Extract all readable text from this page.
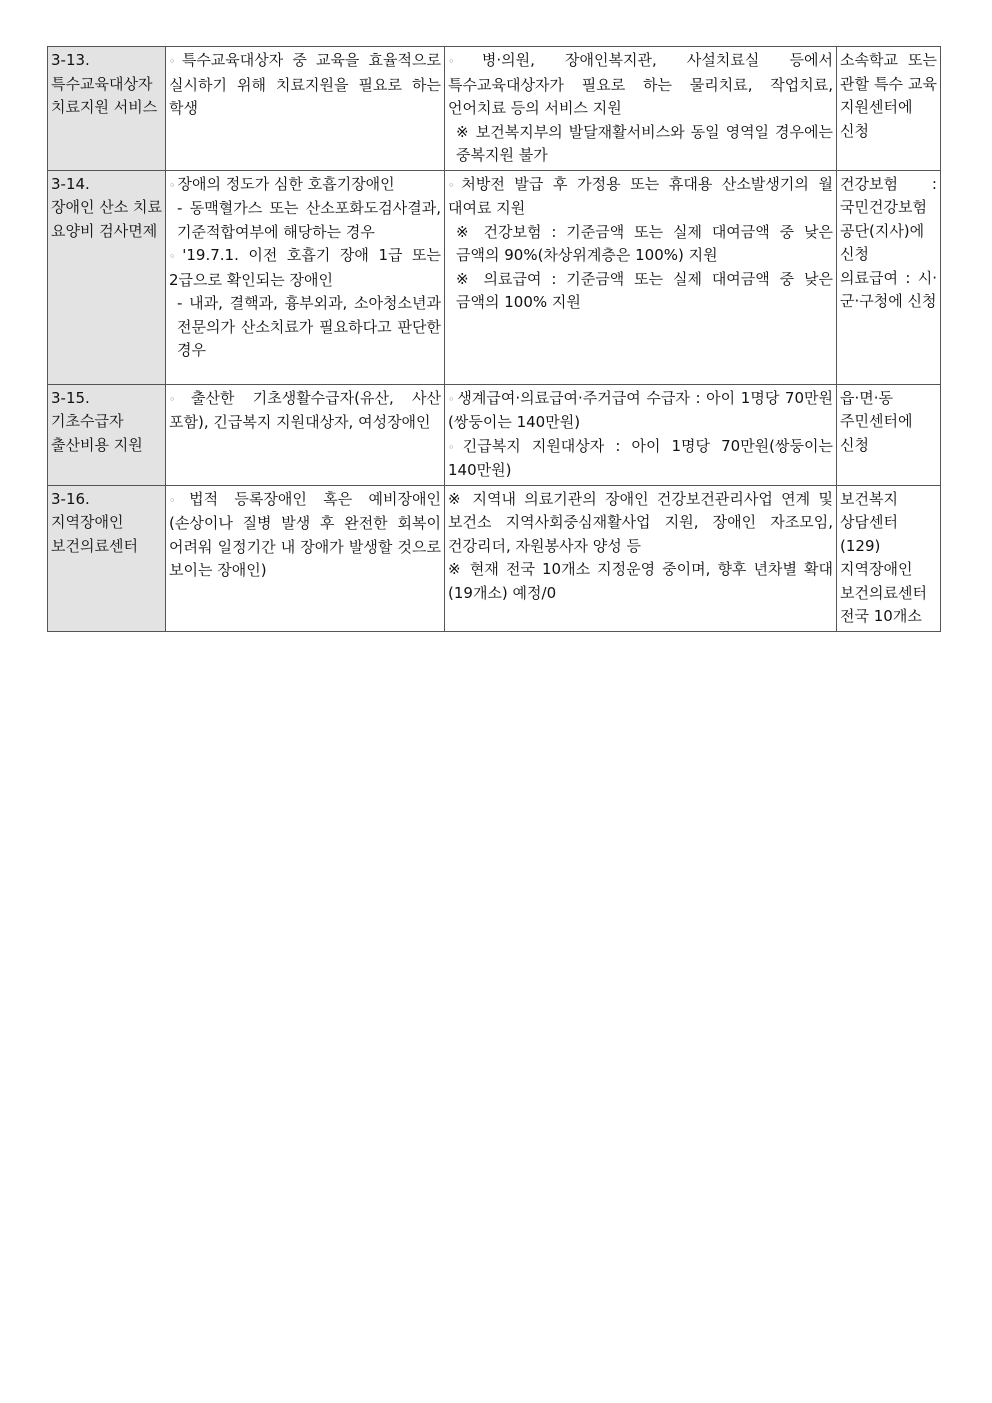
3-13.
특수교육대상자 치료지원 서비스	◦ 특수교육대상자 중 교육을 효율적으로 실시하기 위해 치료지원을 필요로 하는 학생	◦ 병·의원, 장애인복지관, 사설치료실 등에서 특수교육대상자가 필요로 하는 물리치료, 작업치료, 언어치료 등의 서비스 지원
※ 보건복지부의 발달재활서비스와 동일 영역일 경우에는 중복지원 불가	소속학교 또는 관할 특수 교육 지원센터에 신청

3-14.
장애인 산소 치료 요양비 검사면제	◦ 장애의 정도가 심한 호흡기장애인
- 동맥혈가스 또는 산소포화도검사결과, 기준적합여부에 해당하는 경우
◦ '19.7.1. 이전 호흡기 장애 1급 또는 2급으로 확인되는 장애인
- 내과, 결핵과, 흉부외과, 소아청소년과 전문의가 산소치료가 필요하다고 판단한 경우	◦ 처방전 발급 후 가정용 또는 휴대용 산소발생기의 월 대여료 지원
※ 건강보험 : 기준금액 또는 실제 대여금액 중 낮은 금액의 90%(차상위계층은 100%) 지원
※ 의료급여 : 기준금액 또는 실제 대여금액 중 낮은 금액의 100% 지원	건강보험 : 국민건강보험공단(지사)에 신청
의료급여 : 시·군·구청에 신청

3-15.
기초수급자 출산비용 지원	◦ 출산한 기초생활수급자(유산, 사산 포함), 긴급복지 지원대상자, 여성장애인	◦ 생계급여·의료급여·주거급여 수급자 : 아이 1명당 70만원(쌍둥이는 140만원)
◦ 긴급복지 지원대상자 : 아이 1명당 70만원(쌍둥이는 140만원)	읍·면·동 주민센터에 신청

3-16.
지역장애인 보건의료센터	◦ 법적 등록장애인 혹은 예비장애인(손상이나 질병 발생 후 완전한 회복이 어려워 일정기간 내 장애가 발생할 것으로 보이는 장애인)	※ 지역내 의료기관의 장애인 건강보건관리사업 연계 및 보건소 지역사회중심재활사업 지원, 장애인 자조모임, 건강리더, 자원봉사자 양성 등
※ 현재 전국 10개소 지정운영 중이며, 향후 년차별 확대(19개소) 예정/0	보건복지 상담센터(129)
지역장애인 보건의료센터 전국 10개소
